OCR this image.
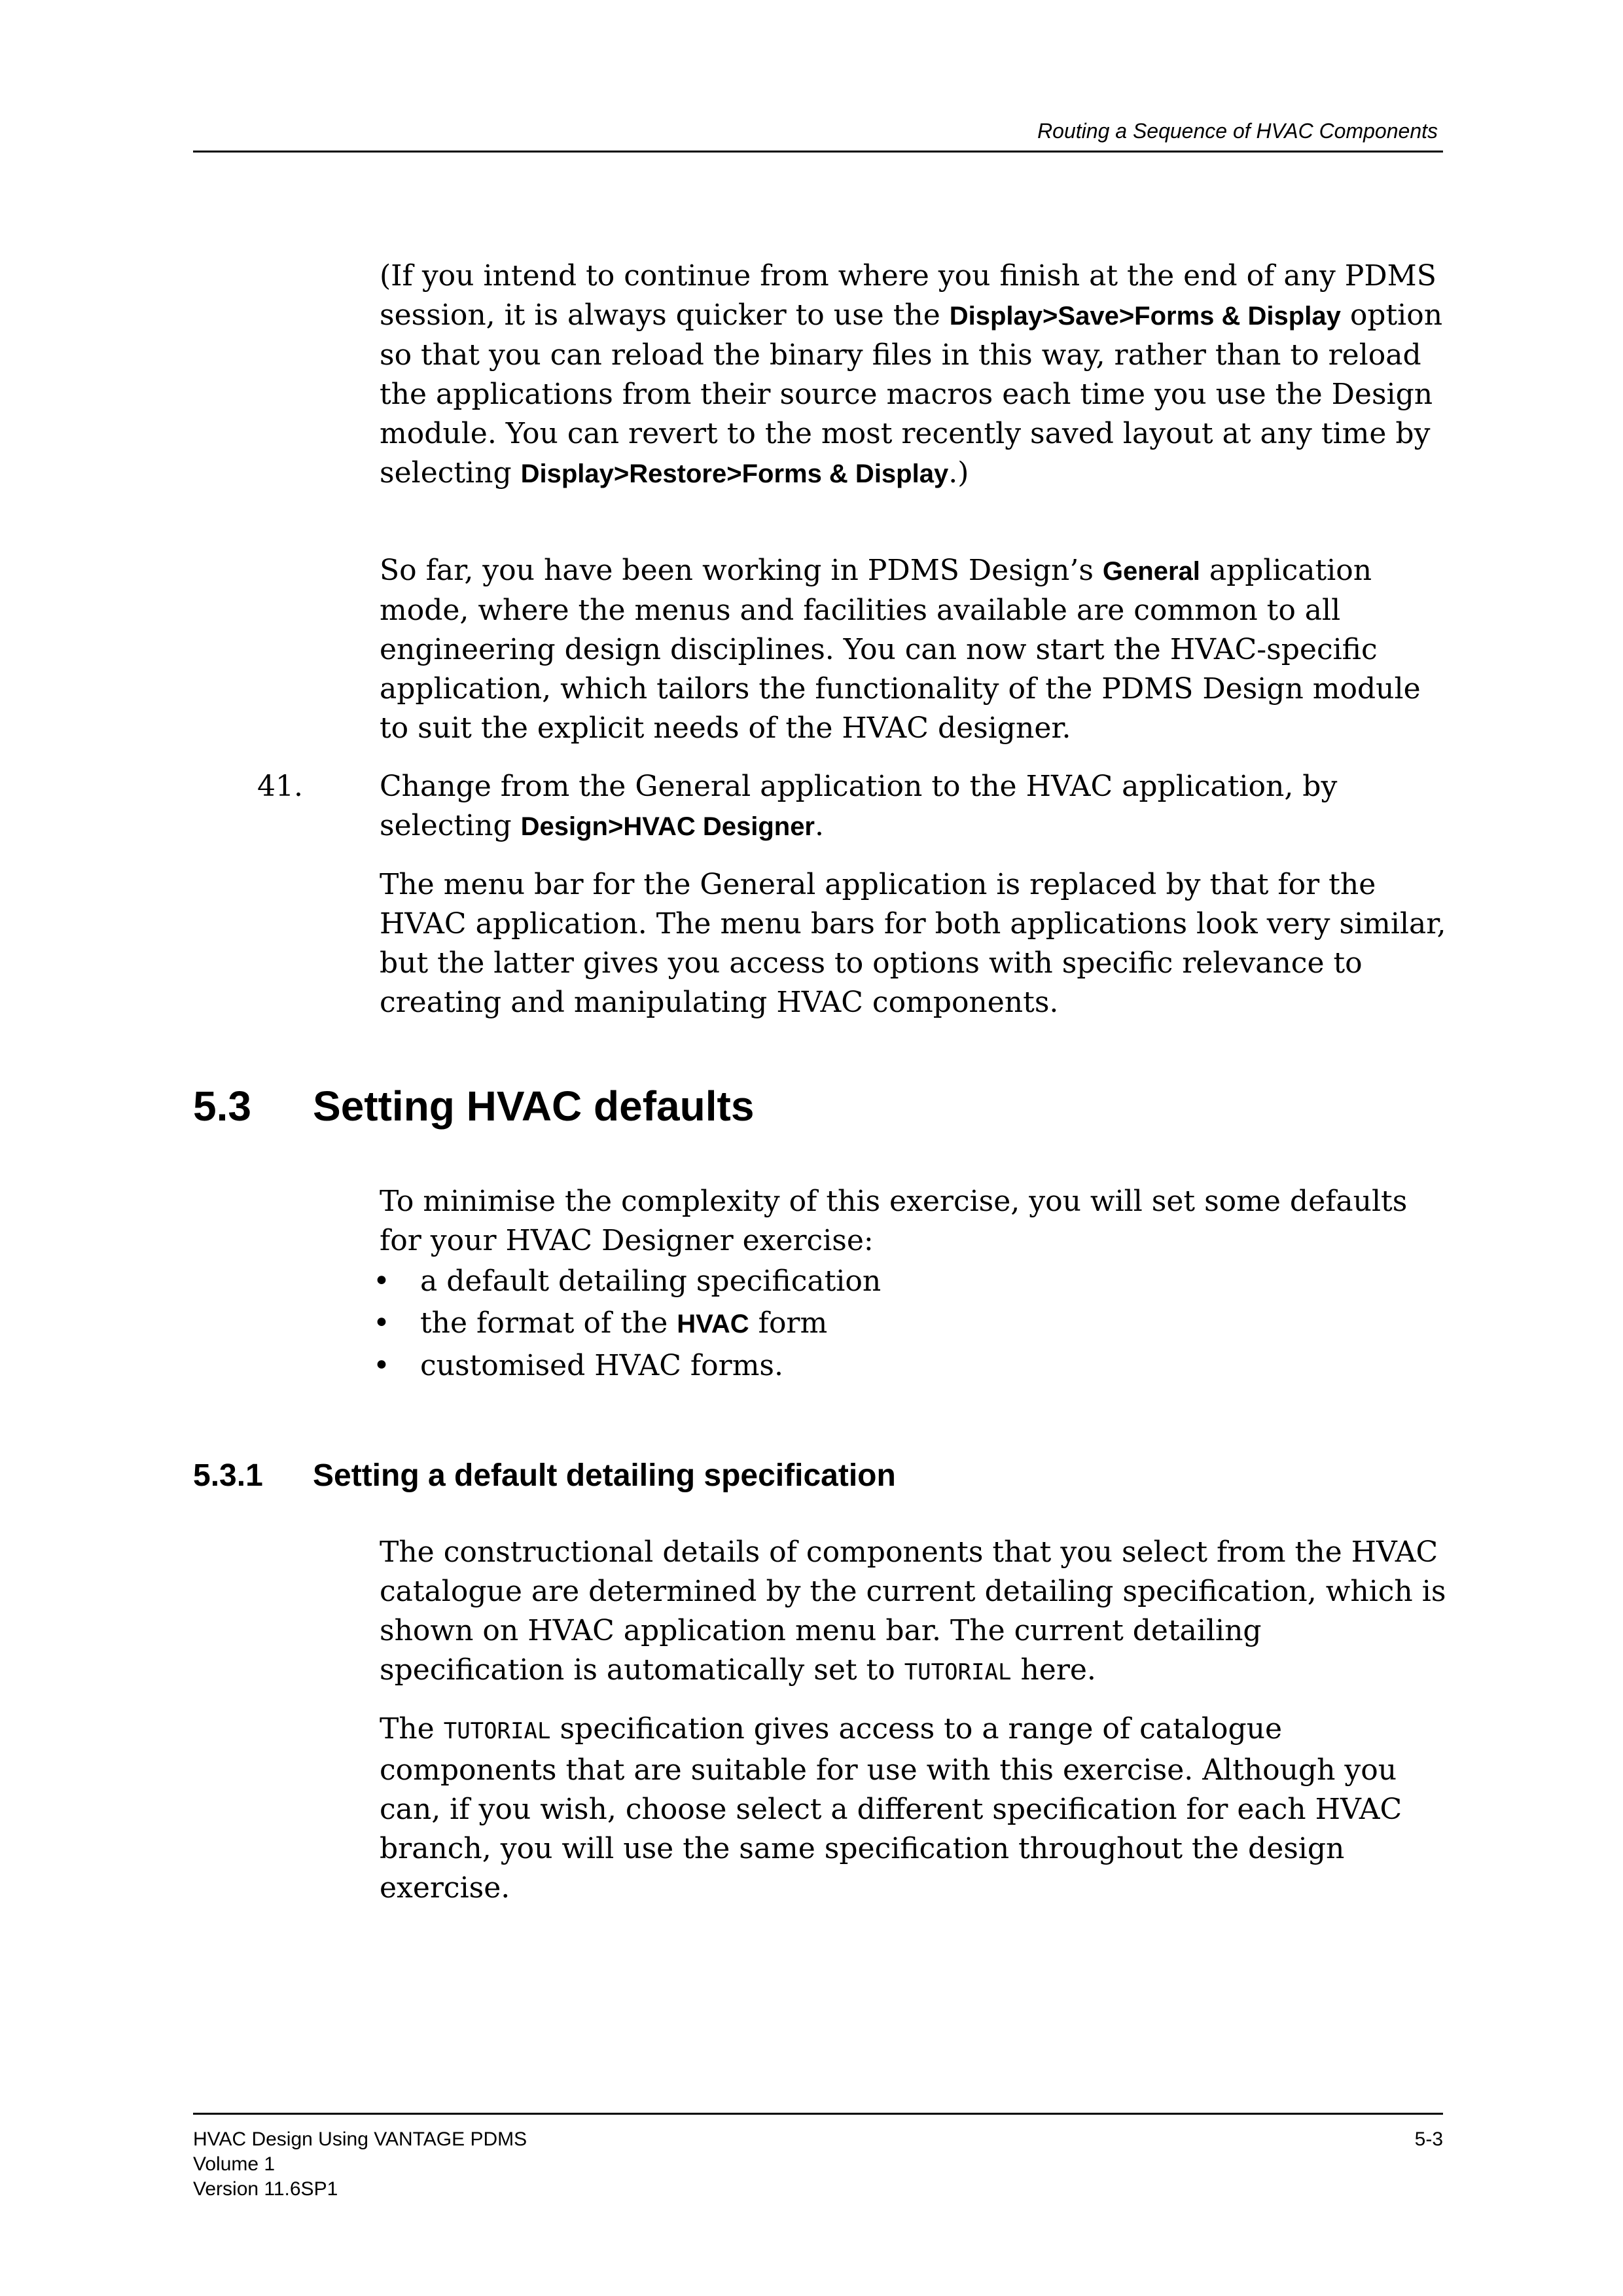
Routing a Sequence of HVAC Components

(If you intend to continue from where you finish at the end of any PDMS session, it is always quicker to use the Display>Save>Forms & Display option so that you can reload the binary files in this way, rather than to reload the applications from their source macros each time you use the Design module. You can revert to the most recently saved layout at any time by selecting Display>Restore>Forms & Display.)

So far, you have been working in PDMS Design’s General application mode, where the menus and facilities available are common to all engineering design disciplines. You can now start the HVAC-specific application, which tailors the functionality of the PDMS Design module to suit the explicit needs of the HVAC designer.

41.	Change from the General application to the HVAC application, by selecting Design>HVAC Designer.

The menu bar for the General application is replaced by that for the HVAC application. The menu bars for both applications look very similar, but the latter gives you access to options with specific relevance to creating and manipulating HVAC components.

5.3 Setting HVAC defaults

To minimise the complexity of this exercise, you will set some defaults for your HVAC Designer exercise:

• a default detailing specification
• the format of the HVAC form
• customised HVAC forms.
5.3.1 Setting a default detailing specification

The constructional details of components that you select from the HVAC catalogue are determined by the current detailing specification, which is shown on HVAC application menu bar. The current detailing specification is automatically set to TUTORIAL here.

The TUTORIAL specification gives access to a range of catalogue components that are suitable for use with this exercise. Although you can, if you wish, choose select a different specification for each HVAC branch, you will use the same specification throughout the design exercise.

HVAC Design Using VANTAGE PDMS
Volume 1
Version 11.6SP1
5-3
